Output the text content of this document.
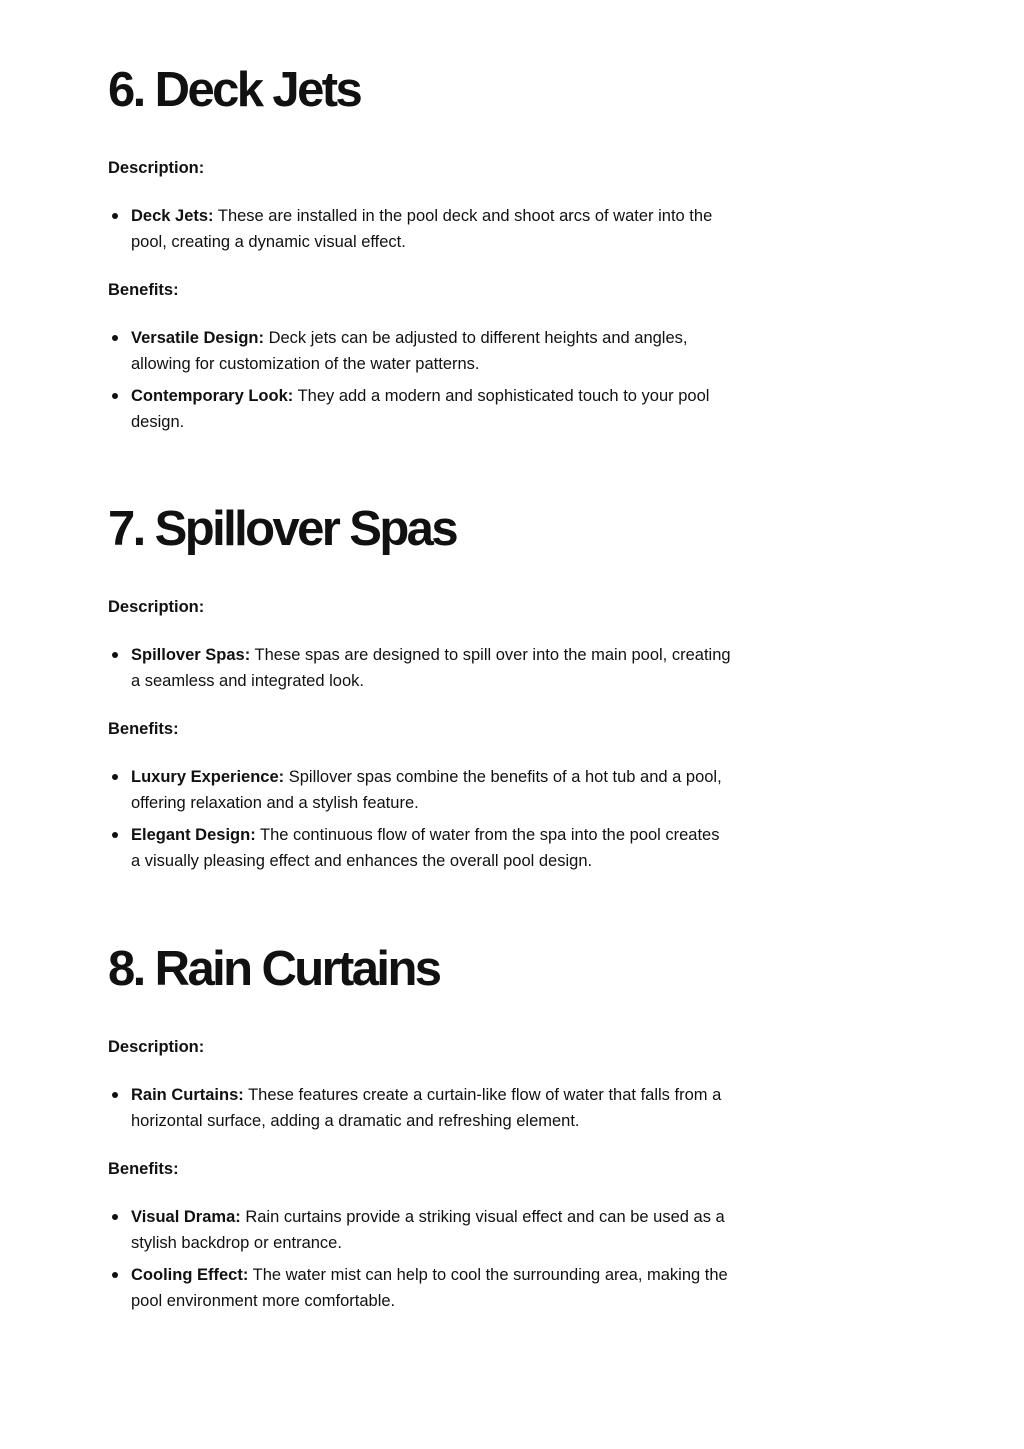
6. Deck Jets

Description:

Deck Jets: These are installed in the pool deck and shoot arcs of water into the pool, creating a dynamic visual effect.

Benefits:

Versatile Design: Deck jets can be adjusted to different heights and angles, allowing for customization of the water patterns.
Contemporary Look: They add a modern and sophisticated touch to your pool design.
7. Spillover Spas

Description:

Spillover Spas: These spas are designed to spill over into the main pool, creating a seamless and integrated look.

Benefits:

Luxury Experience: Spillover spas combine the benefits of a hot tub and a pool, offering relaxation and a stylish feature.
Elegant Design: The continuous flow of water from the spa into the pool creates a visually pleasing effect and enhances the overall pool design.
8. Rain Curtains

Description:

Rain Curtains: These features create a curtain-like flow of water that falls from a horizontal surface, adding a dramatic and refreshing element.

Benefits:

Visual Drama: Rain curtains provide a striking visual effect and can be used as a stylish backdrop or entrance.
Cooling Effect: The water mist can help to cool the surrounding area, making the pool environment more comfortable.
